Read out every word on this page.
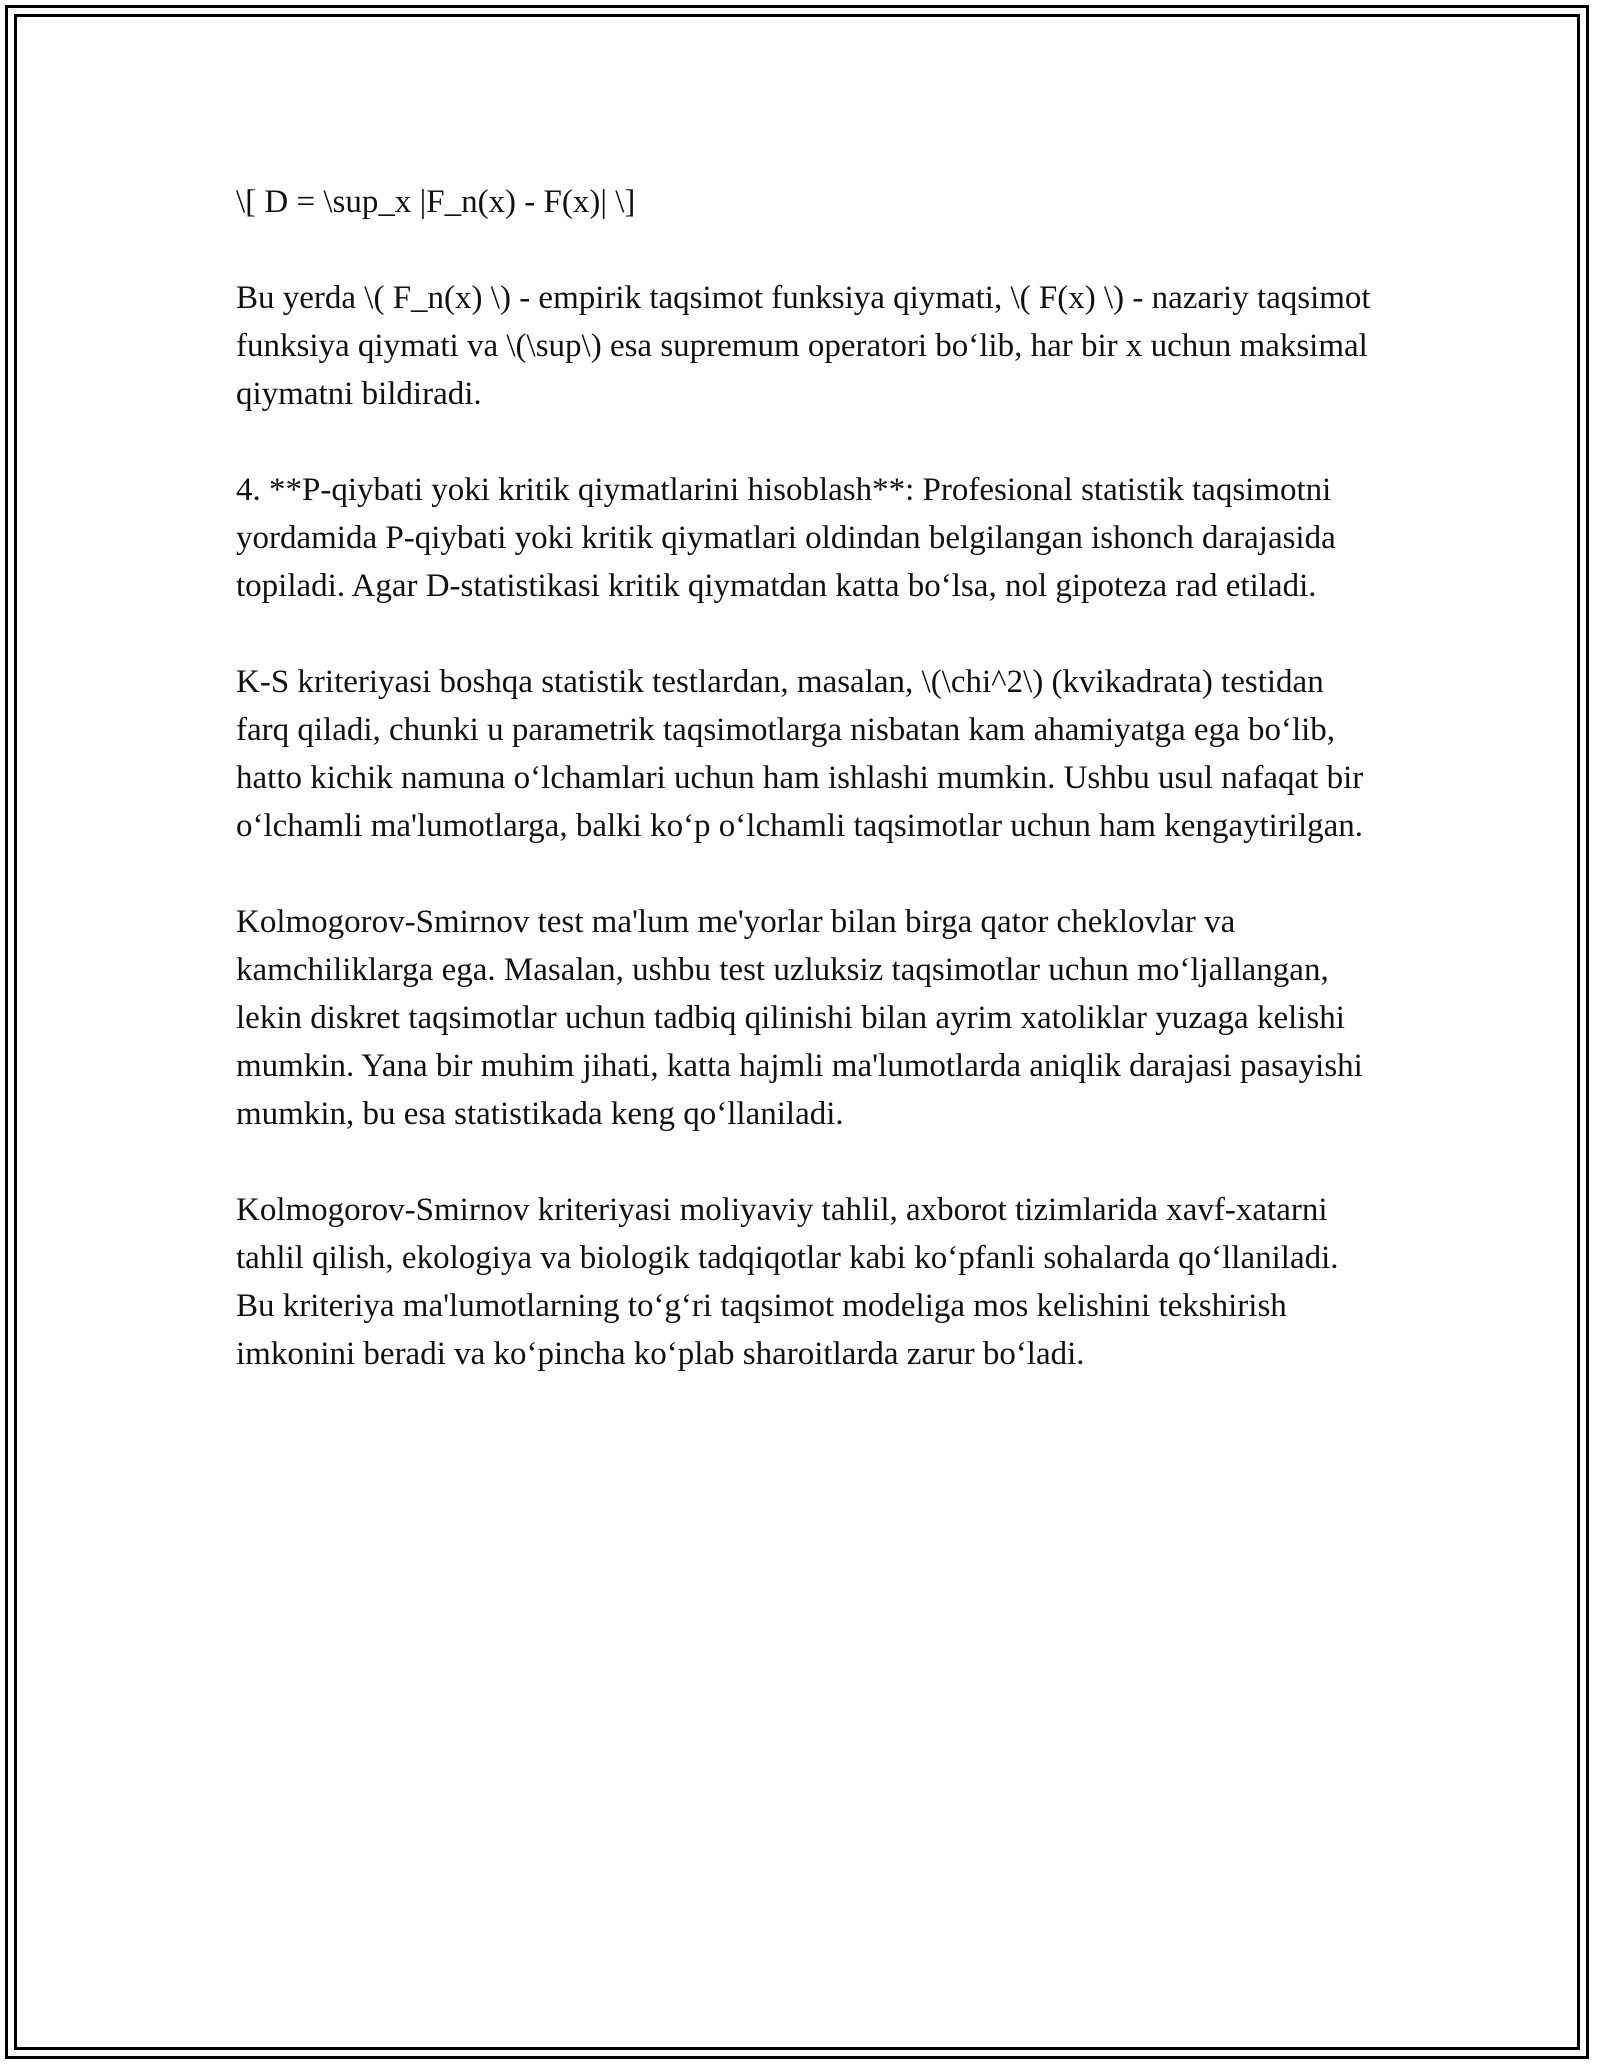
\[ D = \sup_x |F_n(x) - F(x)| \]

Bu yerda \( F_n(x) \) - empirik taqsimot funksiya qiymati, \( F(x) \) - nazariy taqsimot funksiya qiymati va \(\sup\) esa supremum operatori bo‘lib, har bir x uchun maksimal qiymatni bildiradi.

4. **P-qiybati yoki kritik qiymatlarini hisoblash**: Profesional statistik taqsimotni yordamida P-qiybati yoki kritik qiymatlari oldindan belgilangan ishonch darajasida topiladi. Agar D-statistikasi kritik qiymatdan katta bo‘lsa, nol gipoteza rad etiladi.

K-S kriteriyasi boshqa statistik testlardan, masalan, \(\chi^2\) (kvikadrata) testidan farq qiladi, chunki u parametrik taqsimotlarga nisbatan kam ahamiyatga ega bo‘lib, hatto kichik namuna o‘lchamlari uchun ham ishlashi mumkin. Ushbu usul nafaqat bir o‘lchamli ma'lumotlarga, balki ko‘p o‘lchamli taqsimotlar uchun ham kengaytirilgan.

Kolmogorov-Smirnov test ma'lum me'yorlar bilan birga qator cheklovlar va kamchiliklarga ega. Masalan, ushbu test uzluksiz taqsimotlar uchun mo‘ljallangan, lekin diskret taqsimotlar uchun tadbiq qilinishi bilan ayrim xatoliklar yuzaga kelishi mumkin. Yana bir muhim jihati, katta hajmli ma'lumotlarda aniqlik darajasi pasayishi mumkin, bu esa statistikada keng qo‘llaniladi.

Kolmogorov-Smirnov kriteriyasi moliyaviy tahlil, axborot tizimlarida xavf-xatarni tahlil qilish, ekologiya va biologik tadqiqotlar kabi ko‘pfanli sohalarda qo‘llaniladi. Bu kriteriya ma'lumotlarning to‘g‘ri taqsimot modeliga mos kelishini tekshirish imkonini beradi va ko‘pincha ko‘plab sharoitlarda zarur bo‘ladi.
